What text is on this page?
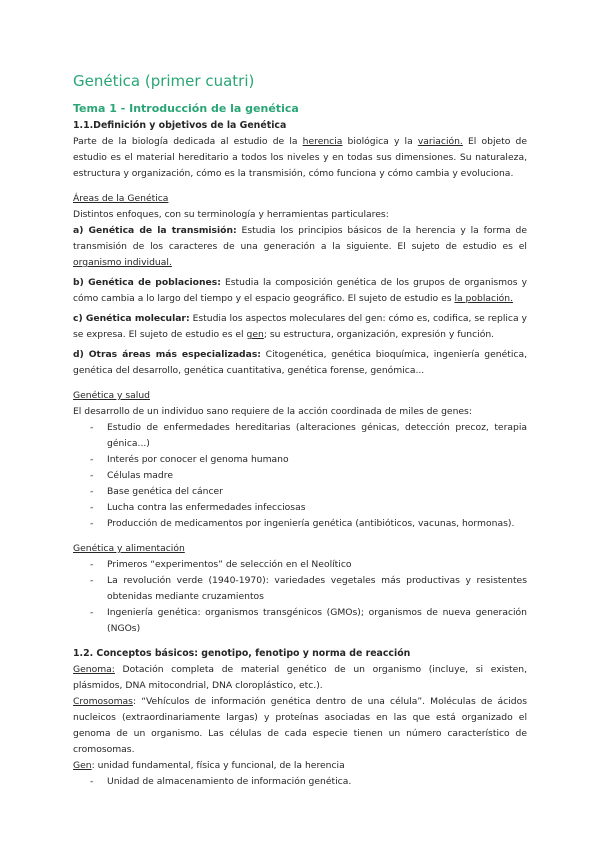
Genética (primer cuatri)
Tema 1 - Introducción de la genética
1.1.Definición y objetivos de la Genética

Parte de la biología dedicada al estudio de la herencia biológica y la variación. El objeto de estudio es el material hereditario a todos los niveles y en todas sus dimensiones. Su naturaleza, estructura y organización, cómo es la transmisión, cómo funciona y cómo cambia y evoluciona.

Áreas de la Genética

Distintos enfoques, con su terminología y herramientas particulares:

a) Genética de la transmisión: Estudia los principios básicos de la herencia y la forma de transmisión de los caracteres de una generación a la siguiente. El sujeto de estudio es el organismo individual.

b) Genética de poblaciones: Estudia la composición genética de los grupos de organismos y cómo cambia a lo largo del tiempo y el espacio geográfico. El sujeto de estudio es la población.

c) Genética molecular: Estudia los aspectos moleculares del gen: cómo es, codifica, se replica y se expresa. El sujeto de estudio es el gen; su estructura, organización, expresión y función.

d) Otras áreas más especializadas: Citogenética, genética bioquímica, ingeniería genética, genética del desarrollo, genética cuantitativa, genética forense, genómica...

Genética y salud

El desarrollo de un individuo sano requiere de la acción coordinada de miles de genes:

- Estudio de enfermedades hereditarias (alteraciones génicas, detección precoz, terapia génica...)
- Interés por conocer el genoma humano
- Células madre
- Base genética del cáncer
- Lucha contra las enfermedades infecciosas
- Producción de medicamentos por ingeniería genética (antibióticos, vacunas, hormonas).

Genética y alimentación

- Primeros “experimentos” de selección en el Neolítico
- La revolución verde (1940-1970): variedades vegetales más productivas y resistentes obtenidas mediante cruzamientos
- Ingeniería genética: organismos transgénicos (GMOs); organismos de nueva generación (NGOs)
1.2. Conceptos básicos: genotipo, fenotipo y norma de reacción

Genoma: Dotación completa de material genético de un organismo (incluye, si existen, plásmidos, DNA mitocondrial, DNA cloroplástico, etc.).

Cromosomas: “Vehículos de información genética dentro de una célula”. Moléculas de ácidos nucleicos (extraordinariamente largas) y proteínas asociadas en las que está organizado el genoma de un organismo. Las células de cada especie tienen un número característico de cromosomas.

Gen: unidad fundamental, física y funcional, de la herencia

- Unidad de almacenamiento de información genética.
